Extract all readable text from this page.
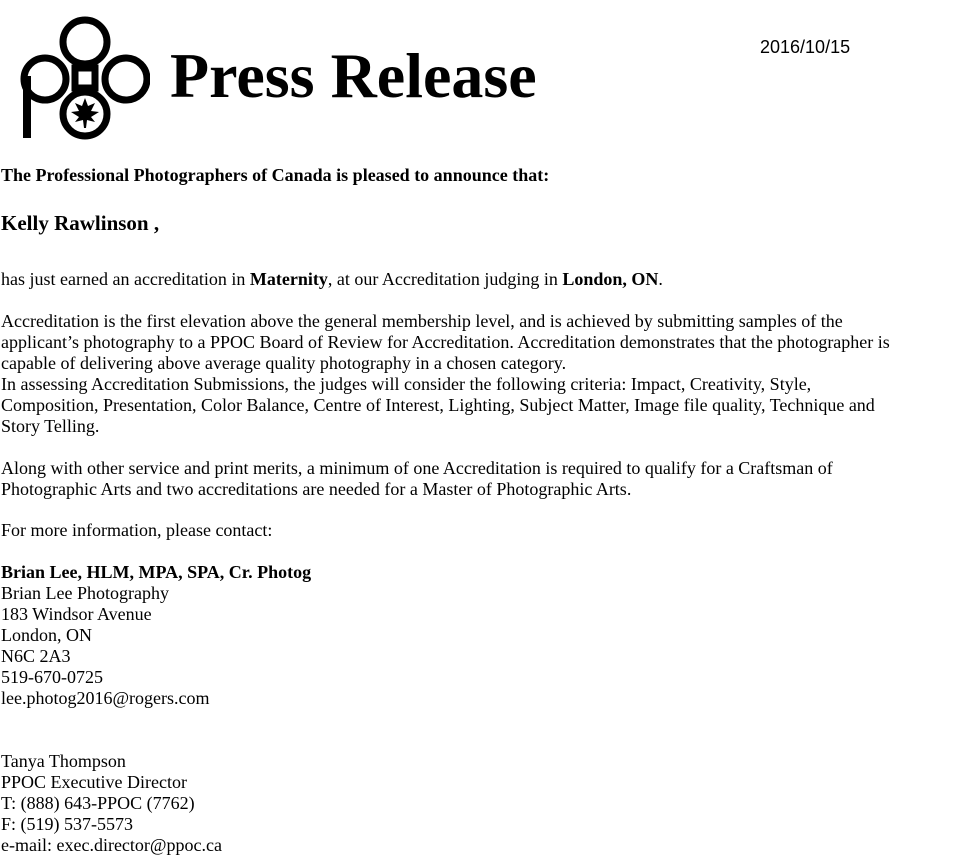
Press Release	2016/10/15
The Professional Photographers of Canada is pleased to announce that:
Kelly Rawlinson ,
has just earned an accreditation in Maternity, at our Accreditation judging in London, ON.
Accreditation is the first elevation above the general membership level, and is achieved by submitting samples of the
applicant’s photography to a PPOC Board of Review for Accreditation. Accreditation demonstrates that the photographer is
capable of delivering above average quality photography in a chosen category.
In assessing Accreditation Submissions, the judges will consider the following criteria: Impact, Creativity, Style,
Composition, Presentation, Color Balance, Centre of Interest, Lighting, Subject Matter, Image file quality, Technique and
Story Telling.
Along with other service and print merits, a minimum of one Accreditation is required to qualify for a Craftsman of
Photographic Arts and two accreditations are needed for a Master of Photographic Arts.
For more information, please contact:
Brian Lee, HLM, MPA, SPA, Cr. Photog
Brian Lee Photography
183 Windsor Avenue
London, ON
N6C 2A3
519-670-0725
lee.photog2016@rogers.com
Tanya Thompson
PPOC Executive Director
T: (888) 643-PPOC (7762)
F: (519) 537-5573
e-mail: exec.director@ppoc.ca
